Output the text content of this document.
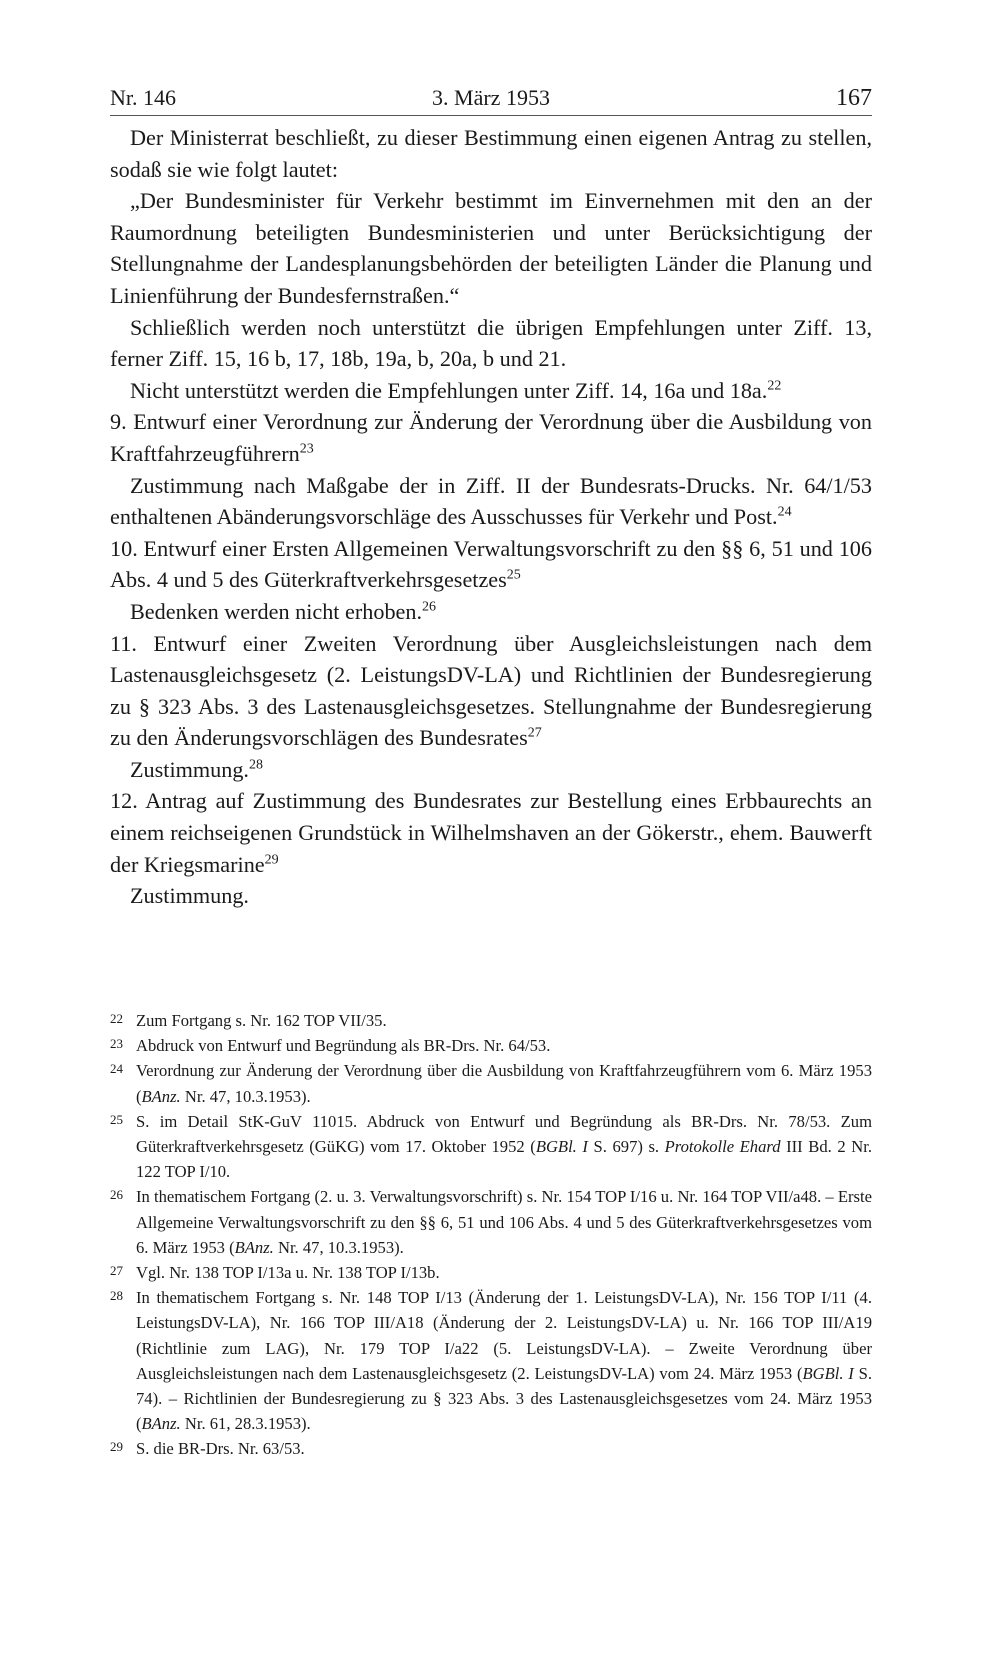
Nr. 146	3. März 1953	167

Der Ministerrat beschließt, zu dieser Bestimmung einen eigenen Antrag zu stellen, sodaß sie wie folgt lautet:

„Der Bundesminister für Verkehr bestimmt im Einvernehmen mit den an der Raumordnung beteiligten Bundesministerien und unter Berücksichtigung der Stellungnahme der Landesplanungsbehörden der beteiligten Länder die Planung und Linienführung der Bundesfernstraßen.“

Schließlich werden noch unterstützt die übrigen Empfehlungen unter Ziff. 13, ferner Ziff. 15, 16 b, 17, 18b, 19a, b, 20a, b und 21.

Nicht unterstützt werden die Empfehlungen unter Ziff. 14, 16a und 18a.$^{22}$

9. Entwurf einer Verordnung zur Änderung der Verordnung über die Ausbildung von Kraftfahrzeugführern$^{23}$

Zustimmung nach Maßgabe der in Ziff. II der Bundesrats-Drucks. Nr. 64/1/53 enthaltenen Abänderungsvorschläge des Ausschusses für Verkehr und Post.$^{24}$

10. Entwurf einer Ersten Allgemeinen Verwaltungsvorschrift zu den §§ 6, 51 und 106 Abs. 4 und 5 des Güterkraftverkehrsgesetzes$^{25}$

Bedenken werden nicht erhoben.$^{26}$

11. Entwurf einer Zweiten Verordnung über Ausgleichsleistungen nach dem Lastenausgleichsgesetz (2. LeistungsDV-LA) und Richtlinien der Bundesregierung zu § 323 Abs. 3 des Lastenausgleichsgesetzes. Stellungnahme der Bundesregierung zu den Änderungsvorschlägen des Bundesrates$^{27}$

Zustimmung.$^{28}$

12. Antrag auf Zustimmung des Bundesrates zur Bestellung eines Erbbaurechts an einem reichseigenen Grundstück in Wilhelmshaven an der Gökerstr., ehem. Bauwerft der Kriegsmarine$^{29}$

Zustimmung.

22 Zum Fortgang s. Nr. 162 TOP VII/35.

23 Abdruck von Entwurf und Begründung als BR-Drs. Nr. 64/53.

24 Verordnung zur Änderung der Verordnung über die Ausbildung von Kraftfahrzeugführern vom 6. März 1953 (BAnz. Nr. 47, 10.3.1953).

25 S. im Detail StK-GuV 11015. Abdruck von Entwurf und Begründung als BR-Drs. Nr. 78/53. Zum Güterkraftverkehrsgesetz (GüKG) vom 17. Oktober 1952 (BGBl. I S. 697) s. Protokolle Ehard III Bd. 2 Nr. 122 TOP I/10.

26 In thematischem Fortgang (2. u. 3. Verwaltungsvorschrift) s. Nr. 154 TOP I/16 u. Nr. 164 TOP VII/a48. – Erste Allgemeine Verwaltungsvorschrift zu den §§ 6, 51 und 106 Abs. 4 und 5 des Güterkraftverkehrsgesetzes vom 6. März 1953 (BAnz. Nr. 47, 10.3.1953).

27 Vgl. Nr. 138 TOP I/13a u. Nr. 138 TOP I/13b.

28 In thematischem Fortgang s. Nr. 148 TOP I/13 (Änderung der 1. LeistungsDV-LA), Nr. 156 TOP I/11 (4. LeistungsDV-LA), Nr. 166 TOP III/A18 (Änderung der 2. LeistungsDV-LA) u. Nr. 166 TOP III/A19 (Richtlinie zum LAG), Nr. 179 TOP I/a22 (5. LeistungsDV-LA). – Zweite Verordnung über Ausgleichsleistungen nach dem Lastenausgleichsgesetz (2. LeistungsDV-LA) vom 24. März 1953 (BGBl. I S. 74). – Richtlinien der Bundesregierung zu § 323 Abs. 3 des Lastenausgleichsgesetzes vom 24. März 1953 (BAnz. Nr. 61, 28.3.1953).

29 S. die BR-Drs. Nr. 63/53.
